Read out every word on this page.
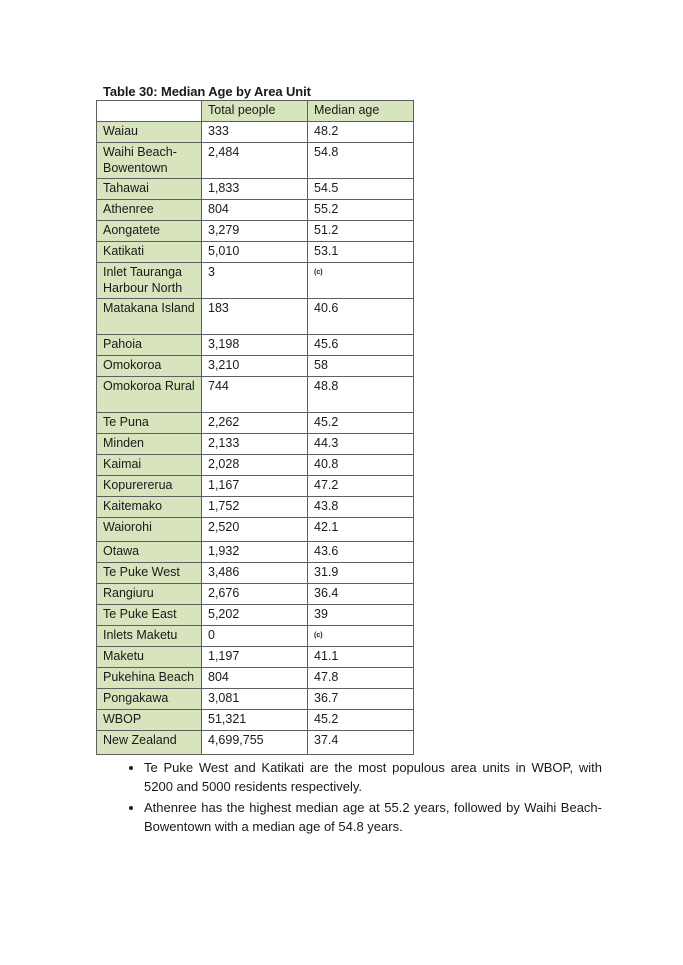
Table 30: Median Age by Area Unit
	Total people	Median age
Waiau	333	48.2
Waihi Beach-Bowentown	2,484	54.8
Tahawai	1,833	54.5
Athenree	804	55.2
Aongatete	3,279	51.2
Katikati	5,010	53.1
Inlet Tauranga Harbour North	3	$^{(c)}$
Matakana Island	183	40.6
Pahoia	3,198	45.6
Omokoroa	3,210	58
Omokoroa Rural	744	48.8
Te Puna	2,262	45.2
Minden	2,133	44.3
Kaimai	2,028	40.8
Kopurererua	1,167	47.2
Kaitemako	1,752	43.8
Waiorohi	2,520	42.1
Otawa	1,932	43.6
Te Puke West	3,486	31.9
Rangiuru	2,676	36.4
Te Puke East	5,202	39
Inlets Maketu	0	$^{(c)}$
Maketu	1,197	41.1
Pukehina Beach	804	47.8
Pongakawa	3,081	36.7
WBOP	51,321	45.2
New Zealand	4,699,755	37.4
• Te Puke West and Katikati are the most populous area units in WBOP, with 5200 and 5000 residents respectively.
• Athenree has the highest median age at 55.2 years, followed by Waihi Beach-Bowentown with a median age of 54.8 years.
